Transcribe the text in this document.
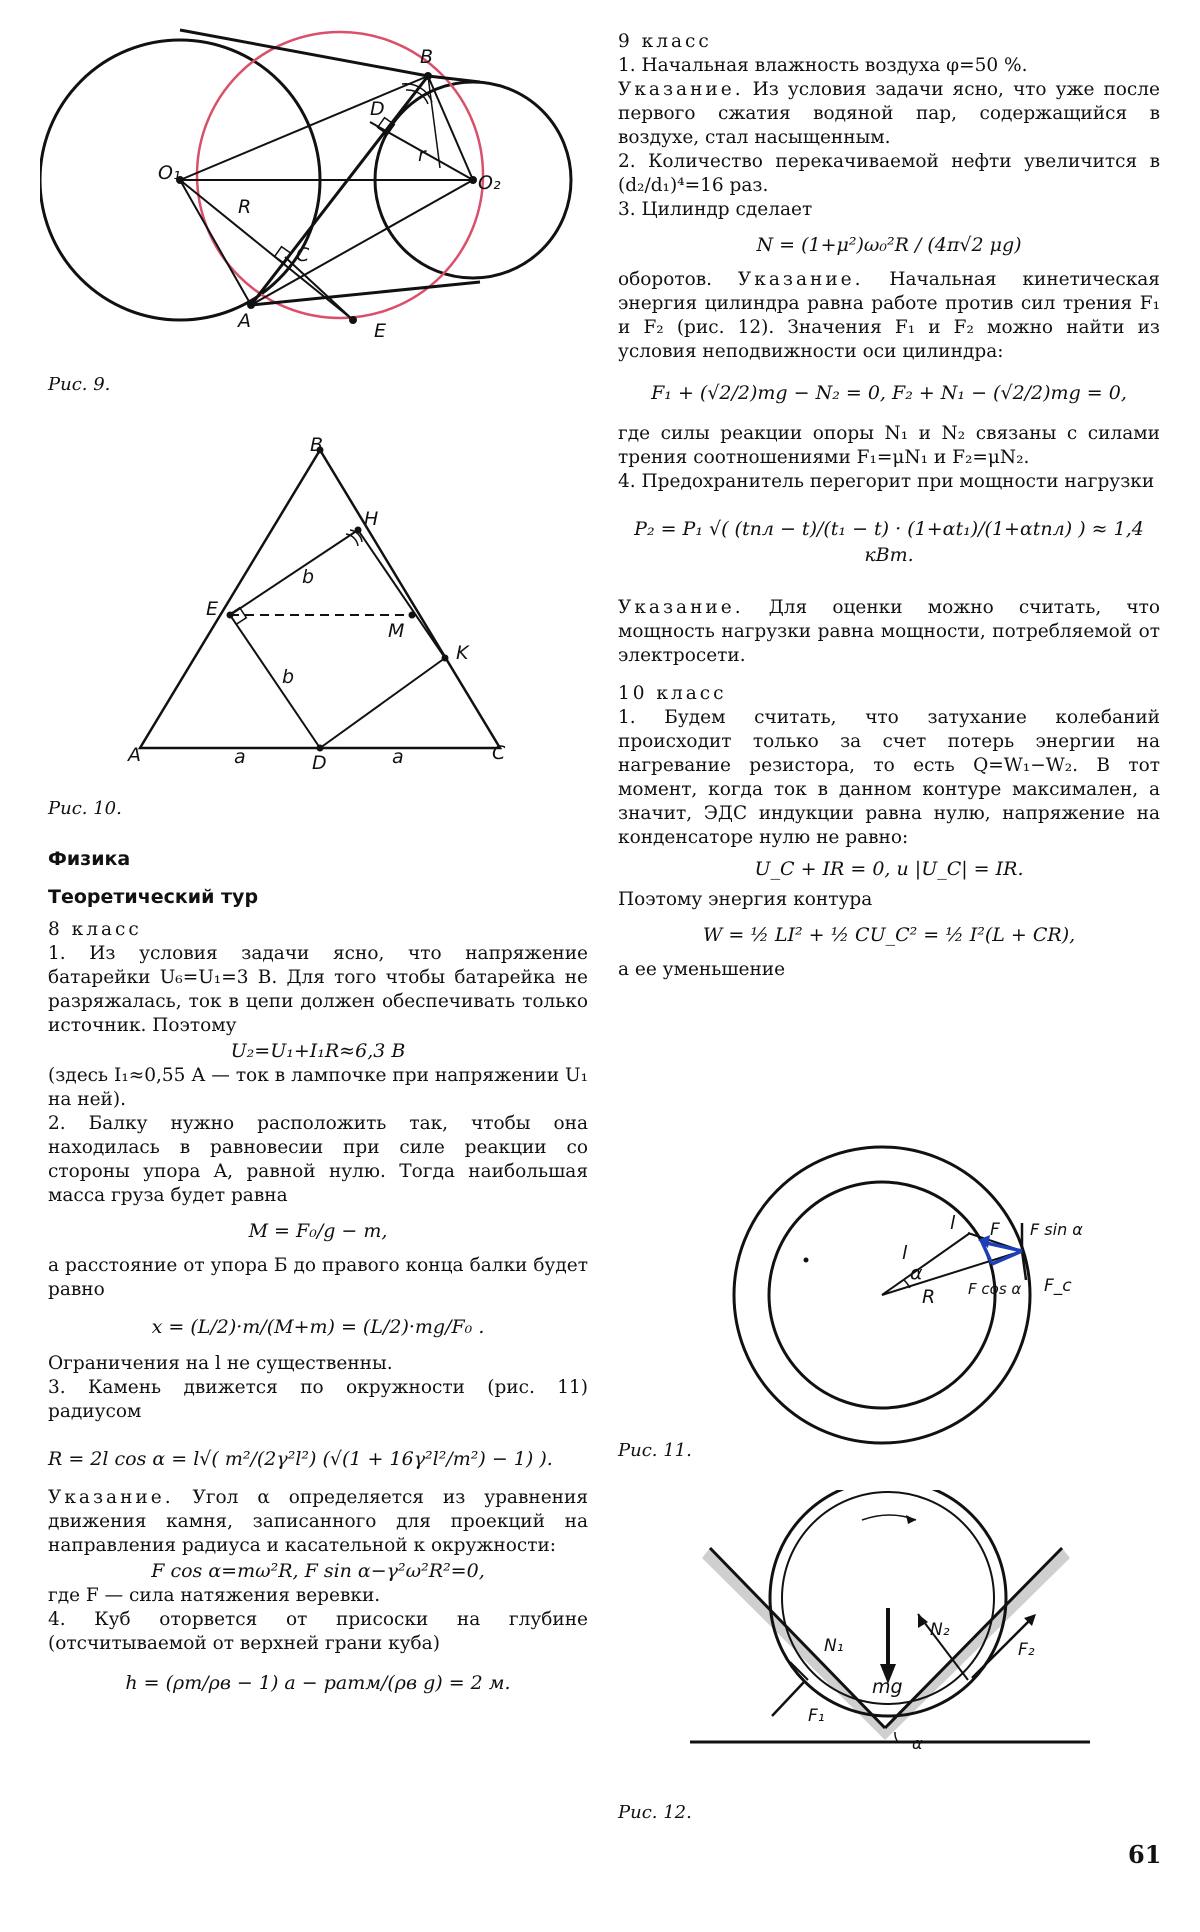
B
O₁	O₂
D
r
R
C
A	E
Рис. 9.
B
H
E
M
K
b
b
A	a	D	a	C
Рис. 10.

Физика

Теоретический тур

8 класс

1. Из условия задачи ясно, что напряжение батарейки U₆=U₁=3 В. Для того чтобы батарейка не разряжалась, ток в цепи должен обеспечивать только источник. Поэтому

U₂=U₁+I₁R≈6,3 В

(здесь I₁≈0,55 А — ток в лампочке при напряжении U₁ на ней).

2. Балку нужно расположить так, чтобы она находилась в равновесии при силе реакции со стороны упора A, равной нулю. Тогда наибольшая масса груза будет равна

M = F₀/g − m,

а расстояние от упора Б до правого конца балки будет равно

x = (L/2)·m/(M+m) = (L/2)·mg/F₀ .

Ограничения на l не существенны.

3. Камень движется по окружности (рис. 11) радиусом

R = 2l cos α = l√( m²/(2γ²l²) (√(1 + 16γ²l²/m²) − 1) ).

Указание. Угол α определяется из уравнения движения камня, записанного для проекций на направления радиуса и касательной к окружности:

F cos α=mω²R, F sin α−γ²ω²R²=0,

где F — сила натяжения веревки.

4. Куб оторвется от присоски на глубине (отсчитываемой от верхней грани куба)

h = (ρт/ρв − 1) a − pатм/(ρв g) = 2 м.

9 класс

1. Начальная влажность воздуха φ=50 %.

Указание. Из условия задачи ясно, что уже после первого сжатия водяной пар, содержащийся в воздухе, стал насыщенным.

2. Количество перекачиваемой нефти увеличится в (d₂/d₁)⁴=16 раз.

3. Цилиндр сделает

N = (1+μ²)ω₀²R / (4π√2 μg)

оборотов. Указание. Начальная кинетическая энергия цилиндра равна работе против сил трения F₁ и F₂ (рис. 12). Значения F₁ и F₂ можно найти из условия неподвижности оси цилиндра:

F₁ + (√2/2)mg − N₂ = 0, F₂ + N₁ − (√2/2)mg = 0,

где силы реакции опоры N₁ и N₂ связаны с силами трения соотношениями F₁=μN₁ и F₂=μN₂.

4. Предохранитель перегорит при мощности нагрузки

P₂ = P₁ √( (tпл − t)/(t₁ − t) · (1+αt₁)/(1+αtпл) ) ≈ 1,4 кВт.

Указание. Для оценки можно считать, что мощность нагрузки равна мощности, потребляемой от электросети.

10 класс

1. Будем считать, что затухание колебаний происходит только за счет потерь энергии на нагревание резистора, то есть Q=W₁−W₂. В тот момент, когда ток в данном контуре максимален, а значит, ЭДС индукции равна нулю, напряжение на конденсаторе нулю не равно:

U_C + IR = 0, и |U_C| = IR.

Поэтому энергия контура

W = ½ LI² + ½ CU_C² = ½ I²(L + CR),

а ее уменьшение

l F F sin α
α
l
R F cos α F_c
Рис. 11.
N₁
N₂
mg
F₂
F₁
α
Рис. 12.
61
